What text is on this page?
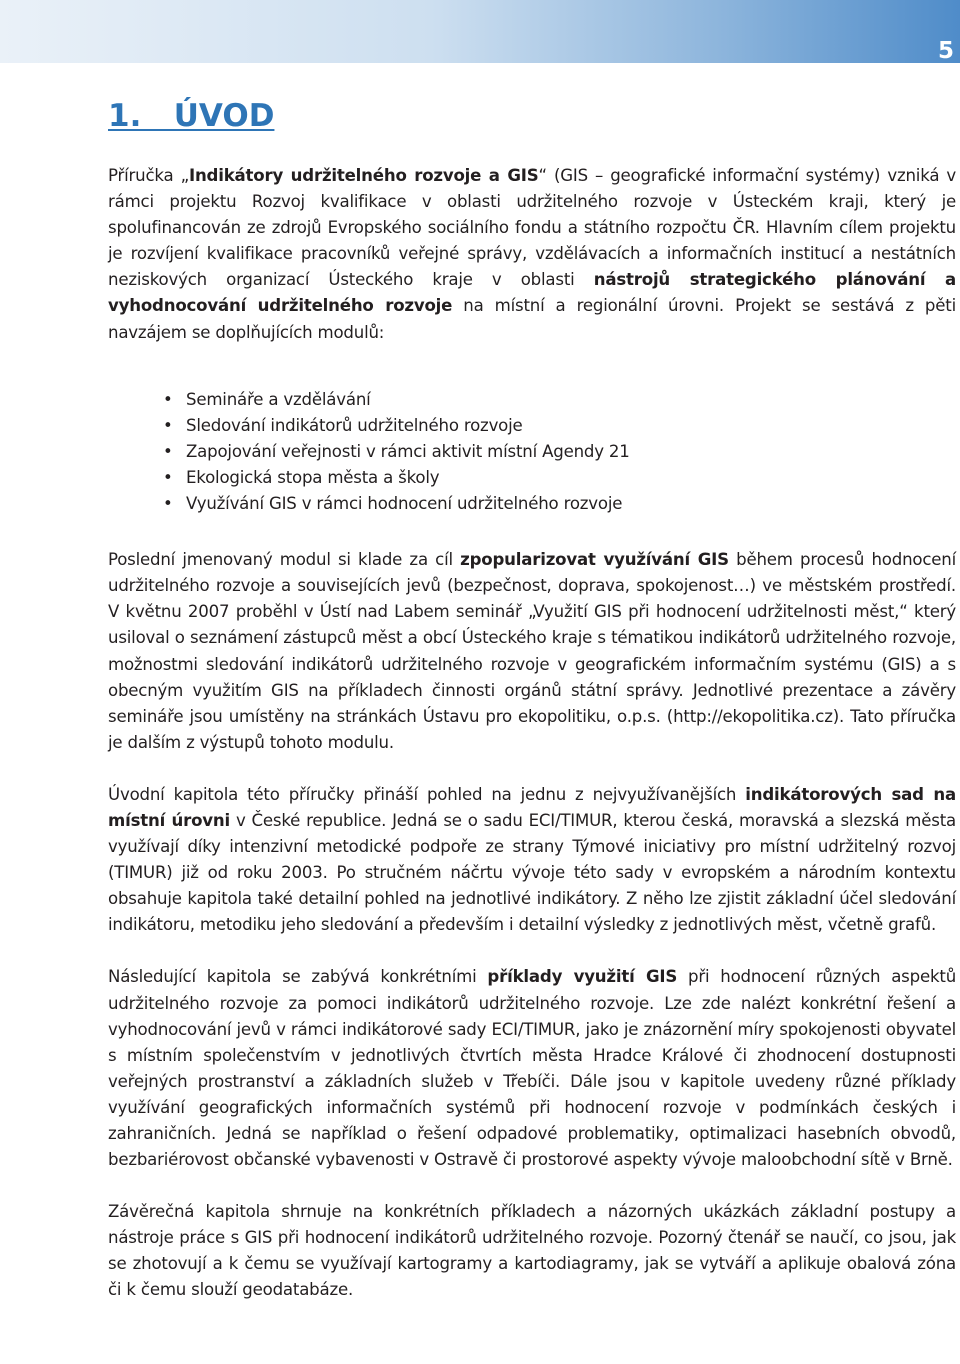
5
1.   ÚVOD

Příručka „Indikátory udržitelného rozvoje a GIS“ (GIS – geografické informační systémy) vzniká v rámci projektu Rozvoj kvalifikace v oblasti udržitelného rozvoje v Ústeckém kraji, který je spolufinancován ze zdrojů Evropského sociálního fondu a státního rozpočtu ČR. Hlavním cílem projektu je rozvíjení kvalifikace pracovníků veřejné správy, vzdělávacích a informačních institucí a nestátních neziskových organizací Ústeckého kraje v oblasti nástrojů strategického plánování a vyhodnocování udržitelného rozvoje na místní a regionální úrovni. Projekt se sestává z pěti navzájem se doplňujících modulů:

• Semináře a vzdělávání
• Sledování indikátorů udržitelného rozvoje
• Zapojování veřejnosti v rámci aktivit místní Agendy 21
• Ekologická stopa města a školy
• Využívání GIS v rámci hodnocení udržitelného rozvoje

Poslední jmenovaný modul si klade za cíl zpopularizovat využívání GIS během procesů hodnocení udržitelného rozvoje a souvisejících jevů (bezpečnost, doprava, spokojenost…) ve městském prostředí. V květnu 2007 proběhl v Ústí nad Labem seminář „Využití GIS při hodnocení udržitelnosti měst,“ který usiloval o seznámení zástupců měst a obcí Ústeckého kraje s tématikou indikátorů udržitelného rozvoje, možnostmi sledování indikátorů udržitelného rozvoje v geografickém informačním systému (GIS) a s obecným využitím GIS na příkladech činnosti orgánů státní správy. Jednotlivé prezentace a závěry semináře jsou umístěny na stránkách Ústavu pro ekopolitiku, o.p.s. (http://ekopolitika.cz). Tato příručka je dalším z výstupů tohoto modulu.

Úvodní kapitola této příručky přináší pohled na jednu z nejvyužívanějších indikátorových sad na místní úrovni v České republice. Jedná se o sadu ECI/TIMUR, kterou česká, moravská a slezská města využívají díky intenzivní metodické podpoře ze strany Týmové iniciativy pro místní udržitelný rozvoj (TIMUR) již od roku 2003. Po stručném náčrtu vývoje této sady v evropském a národním kontextu obsahuje kapitola také detailní pohled na jednotlivé indikátory. Z něho lze zjistit základní účel sledování indikátoru, metodiku jeho sledování a především i detailní výsledky z jednotlivých měst, včetně grafů.

Následující kapitola se zabývá konkrétními příklady využití GIS při hodnocení různých aspektů udržitelného rozvoje za pomoci indikátorů udržitelného rozvoje. Lze zde nalézt konkrétní řešení a vyhodnocování jevů v rámci indikátorové sady ECI/TIMUR, jako je znázornění míry spokojenosti obyvatel s místním společenstvím v jednotlivých čtvrtích města Hradce Králové či zhodnocení dostupnosti veřejných prostranství a základních služeb v Třebíči. Dále jsou v kapitole uvedeny různé příklady využívání geografických informačních systémů při hodnocení rozvoje v podmínkách českých i zahraničních. Jedná se například o řešení odpadové problematiky, optimalizaci hasebních obvodů, bezbariérovost občanské vybavenosti v Ostravě či prostorové aspekty vývoje maloobchodní sítě v Brně.

Závěrečná kapitola shrnuje na konkrétních příkladech a názorných ukázkách základní postupy a nástroje práce s GIS při hodnocení indikátorů udržitelného rozvoje. Pozorný čtenář se naučí, co jsou, jak se zhotovují a k čemu se využívají kartogramy a kartodiagramy, jak se vytváří a aplikuje obalová zóna či k čemu slouží geodatabáze.
